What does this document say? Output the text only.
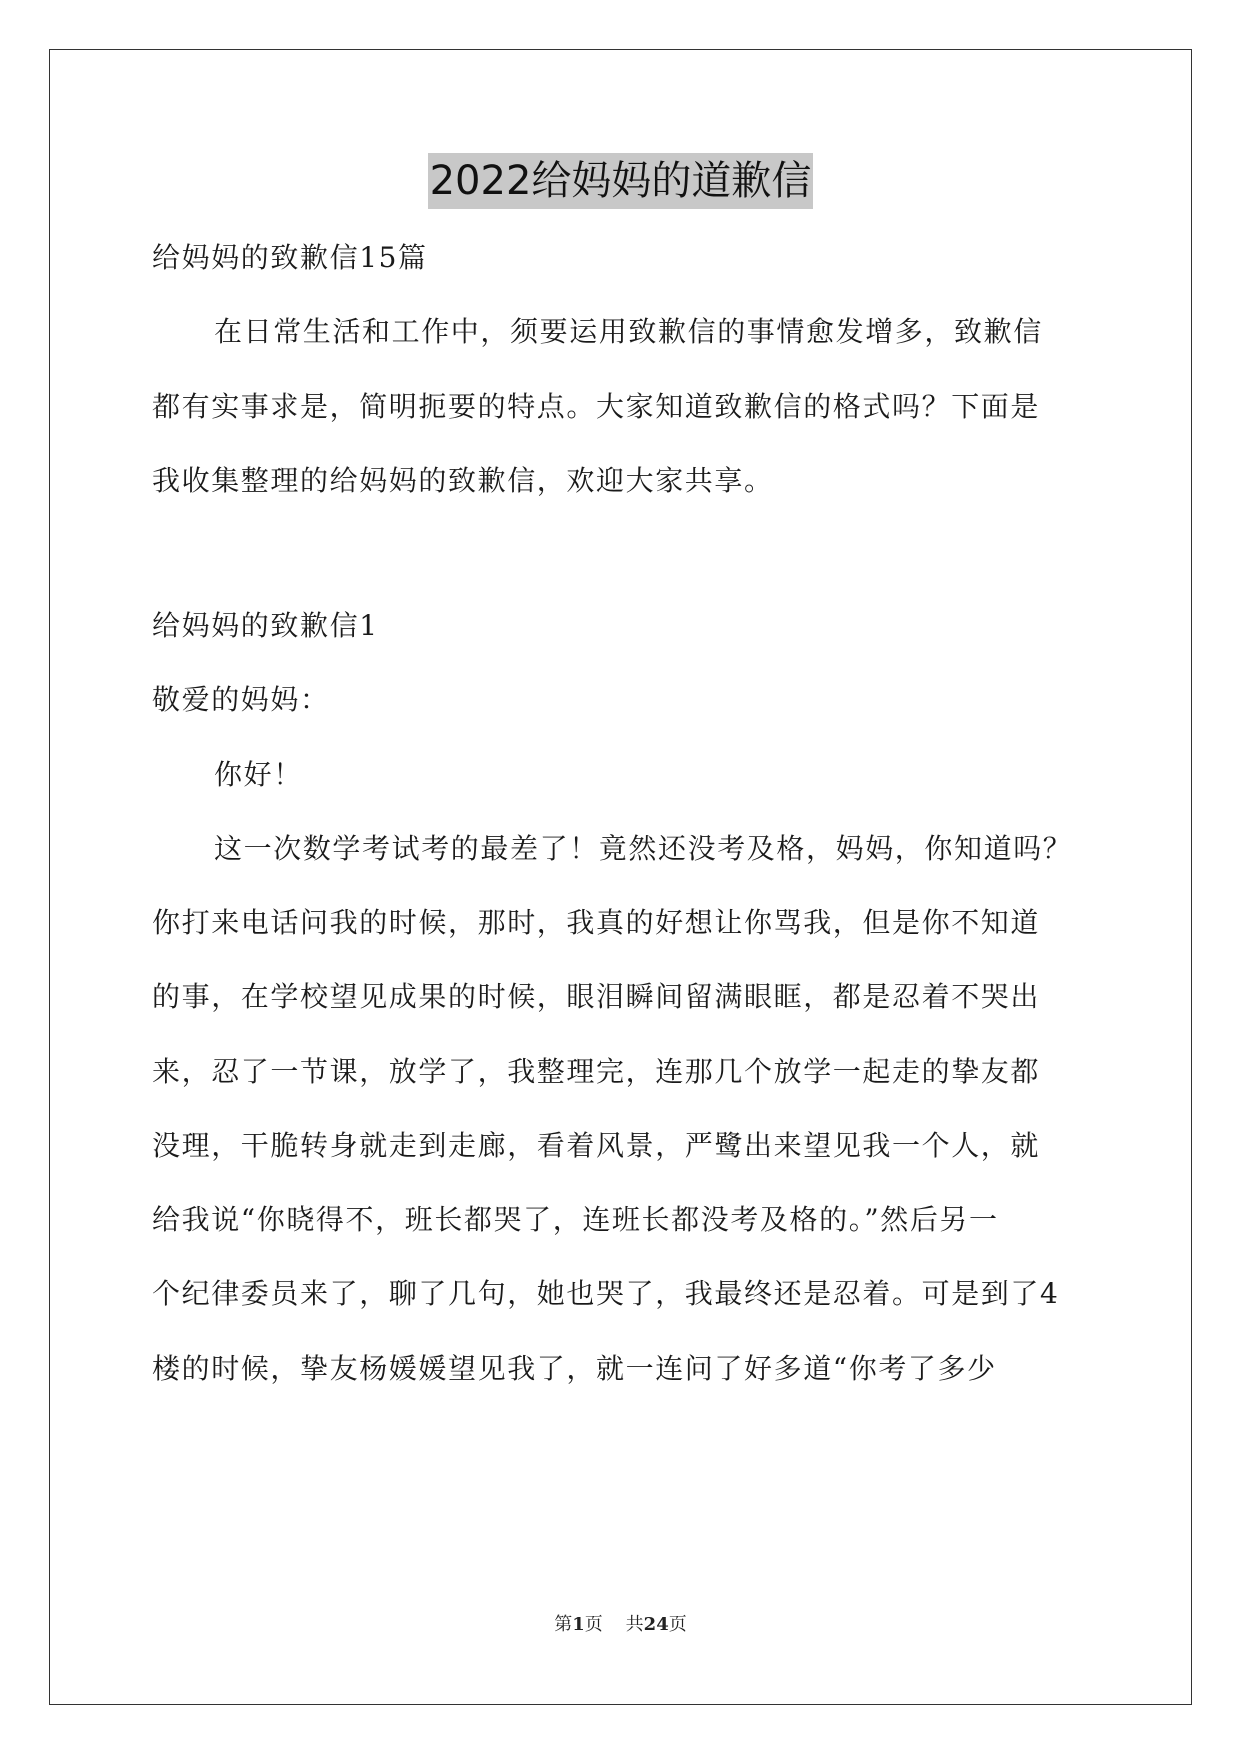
2022给妈妈的道歉信
给妈妈的致歉信15篇
在日常生活和工作中，须要运用致歉信的事情愈发增多，致歉信
都有实事求是，简明扼要的特点。大家知道致歉信的格式吗？下面是
我收集整理的给妈妈的致歉信，欢迎大家共享。
给妈妈的致歉信1
敬爱的妈妈：
你好！
这一次数学考试考的最差了！竟然还没考及格，妈妈，你知道吗？
你打来电话问我的时候，那时，我真的好想让你骂我，但是你不知道
的事，在学校望见成果的时候，眼泪瞬间留满眼眶，都是忍着不哭出
来，忍了一节课，放学了，我整理完，连那几个放学一起走的挚友都
没理，干脆转身就走到走廊，看着风景，严鹭出来望见我一个人，就
给我说“你晓得不，班长都哭了，连班长都没考及格的。”然后另一
个纪律委员来了，聊了几句，她也哭了，我最终还是忍着。可是到了4
楼的时候，挚友杨媛媛望见我了，就一连问了好多道“你考了多少
第1页 共24页
